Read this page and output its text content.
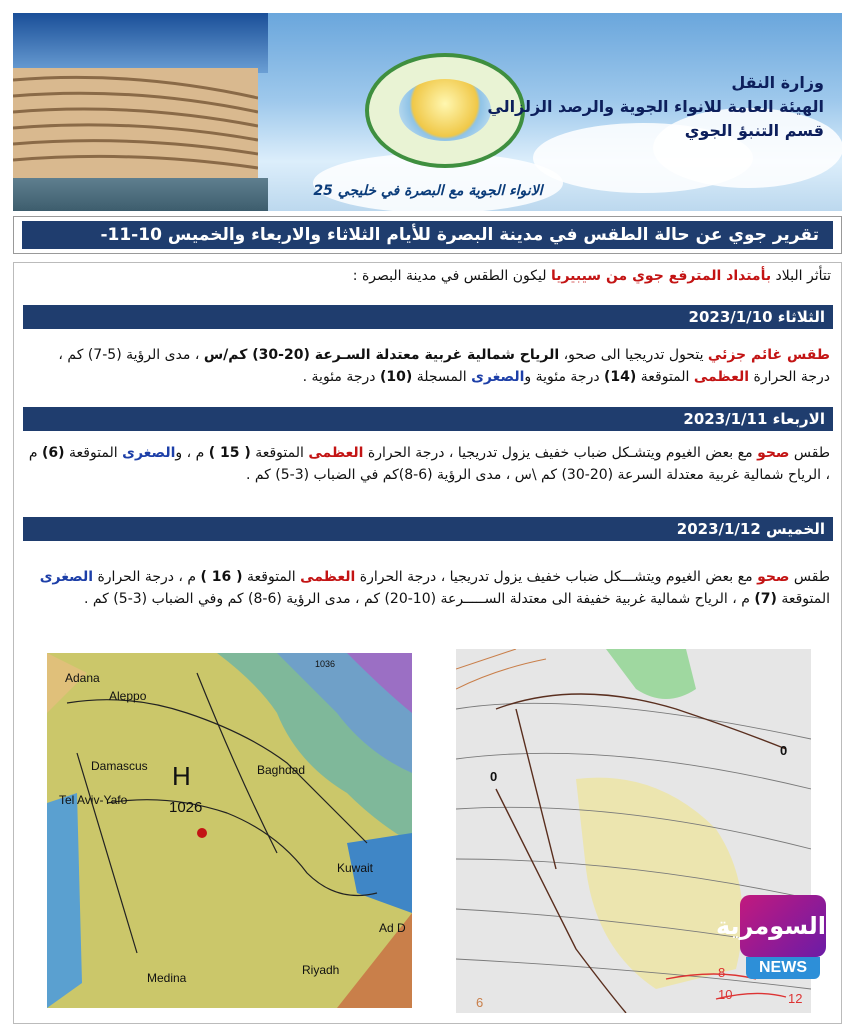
وزارة النقل
الهيئة العامة للانواء الجوية والرصد الزلزالي
قسم التنبؤ الجوي
الانواء الجوية مع البصرة في خليجي 25
تقرير جوي عن حالة الطقس في مدينة البصرة للأيام الثلاثاء والاربعاء والخميس 10-11-
تتأثر البلاد بأمتداد المترفع جوي من سيبيريا ليكون الطقس في مدينة البصرة :
الثلاثاء 2023/1/10
طقس غائم جزئي يتحول تدريجيا الى صحو، الرياح شمالية غربية معتدلة السـرعة (20-30) كم/س ، مدى الرؤية (5-7) كم ، درجة الحرارة العظمى المتوقعة (14) درجة مئوية والصغرى المسجلة (10) درجة مئوية .
الاربعاء 2023/1/11
طقس صحو مع بعض الغيوم ويتشـكل ضباب خفيف يزول تدريجيا ، درجة الحرارة العظمى المتوقعة ( 15 ) م ، والصغرى المتوقعة (6) م ، الرياح شمالية غربية معتدلة السرعة (20-30) كم \س ، مدى الرؤية (6-8)كم في الضباب (3-5) كم .
الخميس 2023/1/12
طقس صحو مع بعض الغيوم ويتشـــكل ضباب خفيف يزول تدريجيا ، درجة الحرارة العظمى المتوقعة ( 16 ) م ، درجة الحرارة الصغرى المتوقعة (7) م ، الرياح شمالية غربية خفيفة الى معتدلة الســـــرعة (10-20) كم ، مدى الرؤية (6-8) كم وفي الضباب (3-5) كم .
H
1026
1036
Adana
Aleppo
Damascus
Tel Aviv-Yafo
Baghdad
Kuwait
Ad D
Medina
Riyadh
0
0
6
8
10	12
السومرية
NEWS
